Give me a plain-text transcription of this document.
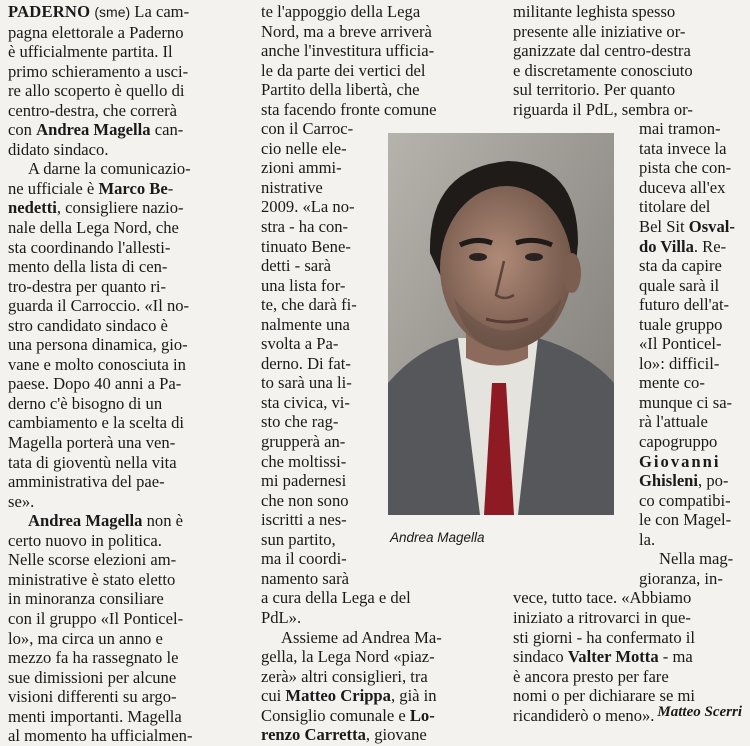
PADERNO (sme) La cam-
pagna elettorale a Paderno
è ufficialmente partita. Il
primo schieramento a usci-
re allo scoperto è quello di
centro-destra, che correrà
con Andrea Magella can-
didato sindaco.

A darne la comunicazio-
ne ufficiale è Marco Be-
nedetti, consigliere nazio-
nale della Lega Nord, che
sta coordinando l'allesti-
mento della lista di cen-
tro-destra per quanto ri-
guarda il Carroccio. «Il no-
stro candidato sindaco è
una persona dinamica, gio-
vane e molto conosciuta in
paese. Dopo 40 anni a Pa-
derno c'è bisogno di un
cambiamento e la scelta di
Magella porterà una ven-
tata di gioventù nella vita
amministrativa del pae-
se».

Andrea Magella non è
certo nuovo in politica.
Nelle scorse elezioni am-
ministrative è stato eletto
in minoranza consiliare
con il gruppo «Il Ponticel-
lo», ma circa un anno e
mezzo fa ha rassegnato le
sue dimissioni per alcune
visioni differenti su argo-
menti importanti. Magella
al momento ha ufficialmen-

te l'appoggio della Lega
Nord, ma a breve arriverà
anche l'investitura ufficia-
le da parte dei vertici del
Partito della libertà, che
sta facendo fronte comune
con il Carroc-
cio nelle ele-
zioni ammi-
nistrative
2009. «La no-
stra - ha con-
tinuato Bene-
detti - sarà
una lista for-
te, che darà fi-
nalmente una
svolta a Pa-
derno. Di fat-
to sarà una li-
sta civica, vi-
sto che rag-
grupperà an-
che moltissi-
mi padernesi
che non sono
iscritti a nes-
sun partito,
ma il coordi-
namento sarà
a cura della Lega e del
PdL».

Assieme ad Andrea Ma-
gella, la Lega Nord «piaz-
zerà» altri consiglieri, tra
cui Matteo Crippa, già in
Consiglio comunale e Lo-
renzo Carretta, giovane

militante leghista spesso
presente alle iniziative or-
ganizzate dal centro-destra
e discretamente conosciuto
sul territorio. Per quanto
riguarda il PdL, sembra or-
mai tramon-
tata invece la
pista che con-
duceva all'ex
titolare del
Bel Sit Osval-
do Villa. Re-
sta da capire
quale sarà il
futuro dell'at-
tuale gruppo
«Il Ponticel-
lo»: difficil-
mente co-
munque ci sa-
rà l'attuale
capogruppo
Giovanni
Ghisleni, po-
co compatibi-
le con Magel-
la.

Nella mag-
gioranza, in-
vece, tutto tace. «Abbiamo
iniziato a ritrovarci in que-
sti giorni - ha confermato il
sindaco Valter Motta - ma
è ancora presto per fare
nomi o per dichiarare se mi
ricandiderò o meno».

Andrea Magella
Matteo Scerri
